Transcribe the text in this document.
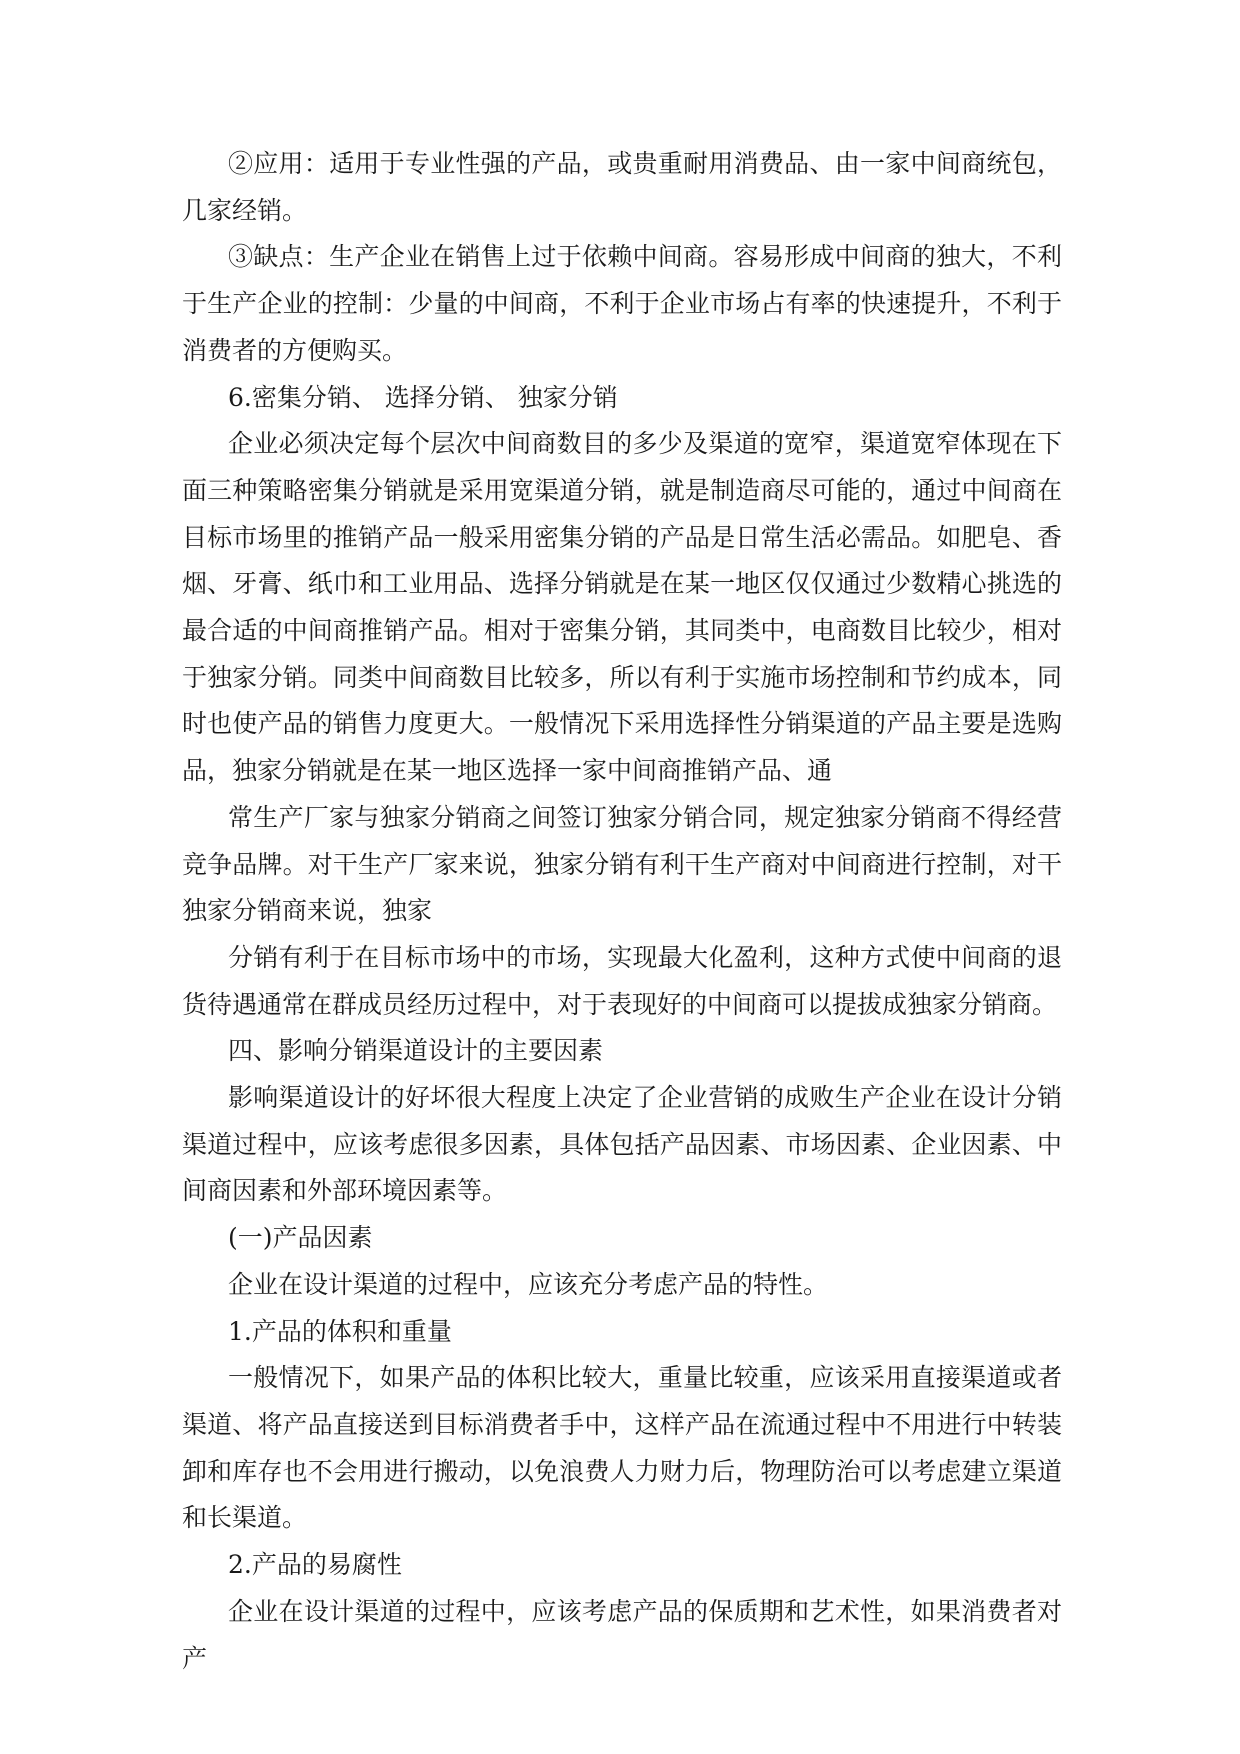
②应用：适用于专业性强的产品，或贵重耐用消费品、由一家中间商统包，几家经销。

③缺点：生产企业在销售上过于依赖中间商。容易形成中间商的独大，不利于生产企业的控制：少量的中间商，不利于企业市场占有率的快速提升，不利于消费者的方便购买。

6.密集分销、 选择分销、 独家分销

企业必须决定每个层次中间商数目的多少及渠道的宽窄，渠道宽窄体现在下面三种策略密集分销就是采用宽渠道分销，就是制造商尽可能的，通过中间商在目标市场里的推销产品一般采用密集分销的产品是日常生活必需品。如肥皂、香烟、牙膏、纸巾和工业用品、选择分销就是在某一地区仅仅通过少数精心挑选的最合适的中间商推销产品。相对于密集分销，其同类中，电商数目比较少，相对于独家分销。同类中间商数目比较多，所以有利于实施市场控制和节约成本，同时也使产品的销售力度更大。一般情况下采用选择性分销渠道的产品主要是选购品，独家分销就是在某一地区选择一家中间商推销产品、通

常生产厂家与独家分销商之间签订独家分销合同，规定独家分销商不得经营竞争品牌。对干生产厂家来说，独家分销有利干生产商对中间商进行控制，对干独家分销商来说，独家

分销有利于在目标市场中的市场，实现最大化盈利，这种方式使中间商的退货待遇通常在群成员经历过程中，对于表现好的中间商可以提拔成独家分销商。

四、影响分销渠道设计的主要因素

影响渠道设计的好坏很大程度上决定了企业营销的成败生产企业在设计分销渠道过程中，应该考虑很多因素，具体包括产品因素、市场因素、企业因素、中间商因素和外部环境因素等。

(一)产品因素

企业在设计渠道的过程中，应该充分考虑产品的特性。

1.产品的体积和重量

一般情况下，如果产品的体积比较大，重量比较重，应该采用直接渠道或者渠道、将产品直接送到目标消费者手中，这样产品在流通过程中不用进行中转装卸和库存也不会用进行搬动，以免浪费人力财力后，物理防治可以考虑建立渠道和长渠道。

2.产品的易腐性

企业在设计渠道的过程中，应该考虑产品的保质期和艺术性，如果消费者对产
